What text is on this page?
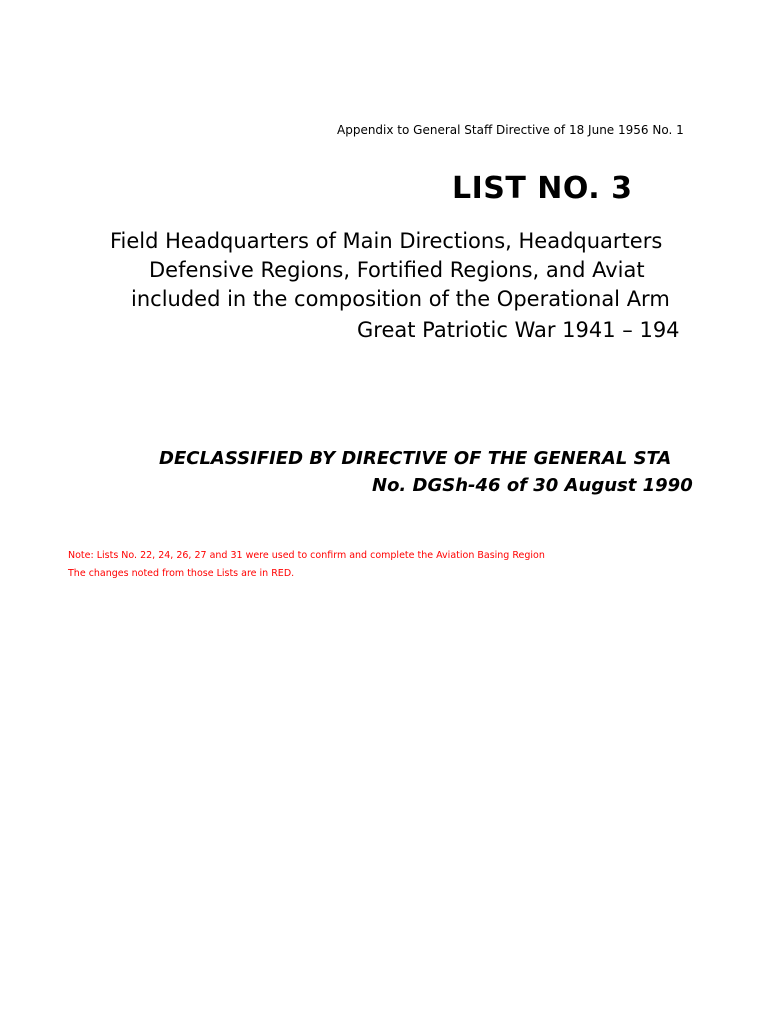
Appendix to General Staff Directive of 18 June 1956 No. 1
LIST NO. 3
Field Headquarters of Main Directions, Headquarters
Defensive Regions, Fortified Regions, and Aviat
included in the composition of the Operational Arm
Great Patriotic War 1941 – 194
DECLASSIFIED BY DIRECTIVE OF THE GENERAL STA
No. DGSh-46 of 30 August 1990
Note: Lists No. 22, 24, 26, 27 and 31 were used to confirm and complete the Aviation Basing Region
The changes noted from those Lists are in RED.
